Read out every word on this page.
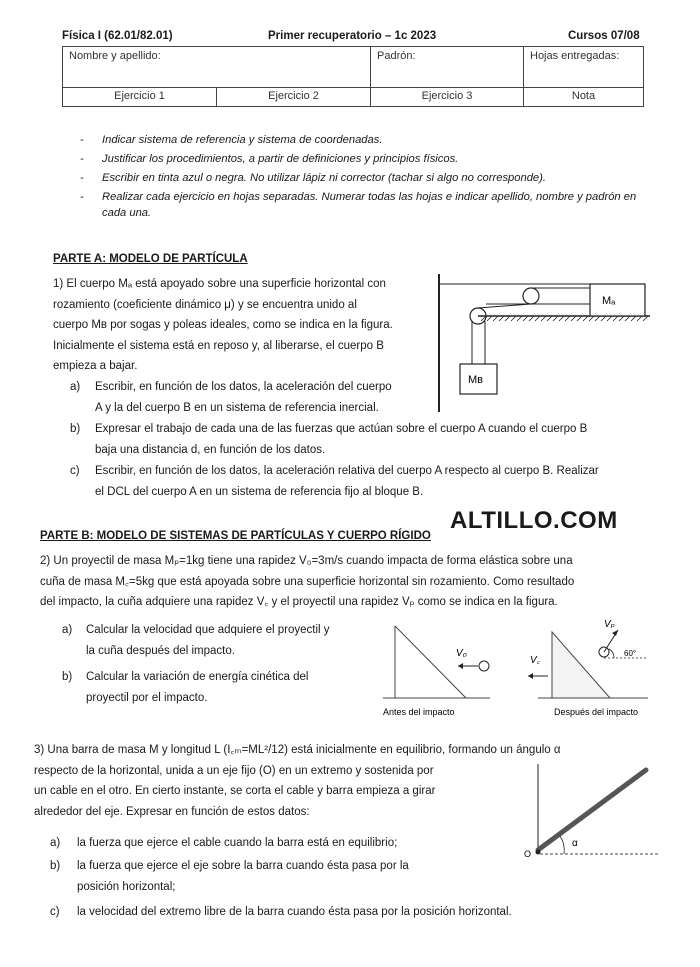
Física I (62.01/82.01)	Primer recuperatorio – 1c 2023	Cursos 07/08
Nombre y apellido:		Padrón:	Hojas entregadas:
Ejercicio 1	Ejercicio 2	Ejercicio 3	Nota
- Indicar sistema de referencia y sistema de coordenadas.
- Justificar los procedimientos, a partir de definiciones y principios físicos.
- Escribir en tinta azul o negra. No utilizar lápiz ni corrector (tachar si algo no corresponde).
- Realizar cada ejercicio en hojas separadas. Numerar todas las hojas e indicar apellido, nombre y padrón en cada una.
PARTE A: MODELO DE PARTÍCULA
1) El cuerpo Mₐ está apoyado sobre una superficie horizontal con
rozamiento (coeficiente dinámico μ) y se encuentra unido al
cuerpo Mʙ por sogas y poleas ideales, como se indica en la figura.
Inicialmente el sistema está en reposo y, al liberarse, el cuerpo B
empieza a bajar.
a) Escribir, en función de los datos, la aceleración del cuerpo
A y la del cuerpo B en un sistema de referencia inercial.
b) Expresar el trabajo de cada una de las fuerzas que actúan sobre el cuerpo A cuando el cuerpo B
baja una distancia d, en función de los datos.
c) Escribir, en función de los datos, la aceleración relativa del cuerpo A respecto al cuerpo B. Realizar
el DCL del cuerpo A en un sistema de referencia fijo al bloque B.
Mₐ
Mʙ
ALTILLO.COM
PARTE B: MODELO DE SISTEMAS DE PARTÍCULAS Y CUERPO RÍGIDO
2) Un proyectil de masa Mₚ=1kg tiene una rapidez V₀=3m/s cuando impacta de forma elástica sobre una
cuña de masa M꜀=5kg que está apoyada sobre una superficie horizontal sin rozamiento. Como resultado
del impacto, la cuña adquiere una rapidez V꜀ y el proyectil una rapidez Vₚ como se indica en la figura.
a) Calcular la velocidad que adquiere el proyectil y
la cuña después del impacto.
b) Calcular la variación de energía cinética del
proyectil por el impacto.
V₀
Antes del impacto
V꜀
Vₚ
60°
Después del impacto
3) Una barra de masa M y longitud L (I꜀ₘ=ML²/12) está inicialmente en equilibrio, formando un ángulo α
respecto de la horizontal, unida a un eje fijo (O) en un extremo y sostenida por
un cable en el otro. En cierto instante, se corta el cable y barra empieza a girar
alrededor del eje. Expresar en función de estos datos:
a)	la fuerza que ejerce el cable cuando la barra está en equilibrio;
b) la fuerza que ejerce el eje sobre la barra cuando ésta pasa por la
posición horizontal;
c)	la velocidad del extremo libre de la barra cuando ésta pasa por la posición horizontal.
O
α
